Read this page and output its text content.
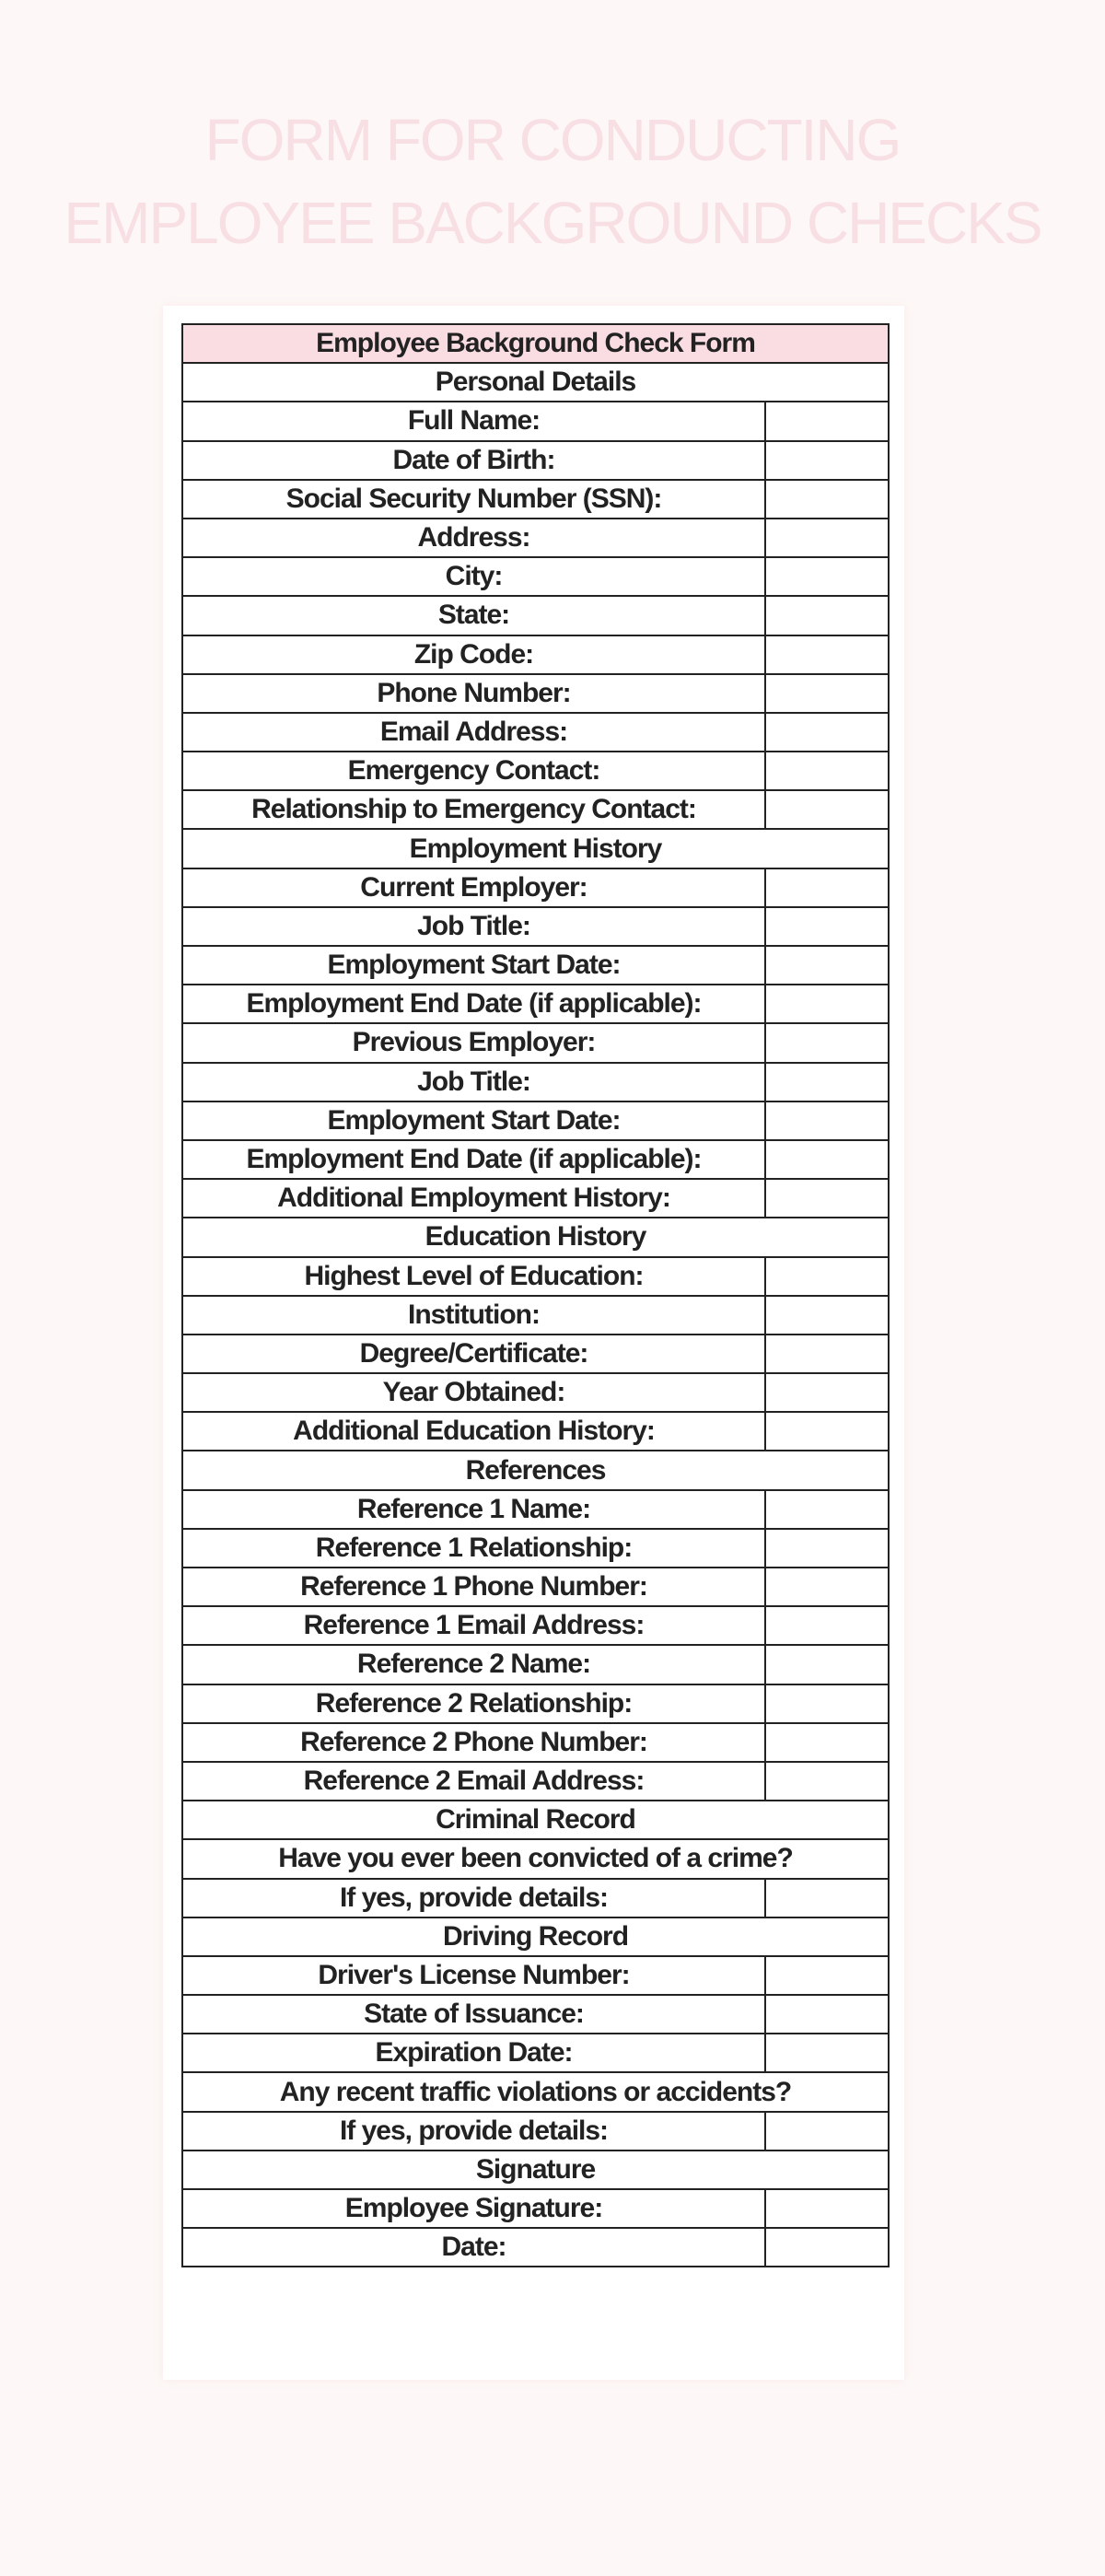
FORM FOR CONDUCTING
EMPLOYEE BACKGROUND CHECKS
Employee Background Check Form	
Personal Details	
Full Name:	
Date of Birth:	
Social Security Number (SSN):	
Address:	
City:	
State:	
Zip Code:	
Phone Number:	
Email Address:	
Emergency Contact:	
Relationship to Emergency Contact:	
Employment History	
Current Employer:	
Job Title:	
Employment Start Date:	
Employment End Date (if applicable):	
Previous Employer:	
Job Title:	
Employment Start Date:	
Employment End Date (if applicable):	
Additional Employment History:	
Education History	
Highest Level of Education:	
Institution:	
Degree/Certificate:	
Year Obtained:	
Additional Education History:	
References	
Reference 1 Name:	
Reference 1 Relationship:	
Reference 1 Phone Number:	
Reference 1 Email Address:	
Reference 2 Name:	
Reference 2 Relationship:	
Reference 2 Phone Number:	
Reference 2 Email Address:	
Criminal Record	
Have you ever been convicted of a crime?	
If yes, provide details:	
Driving Record	
Driver's License Number:	
State of Issuance:	
Expiration Date:	
Any recent traffic violations or accidents?	
If yes, provide details:	
Signature	
Employee Signature:	
Date:	
